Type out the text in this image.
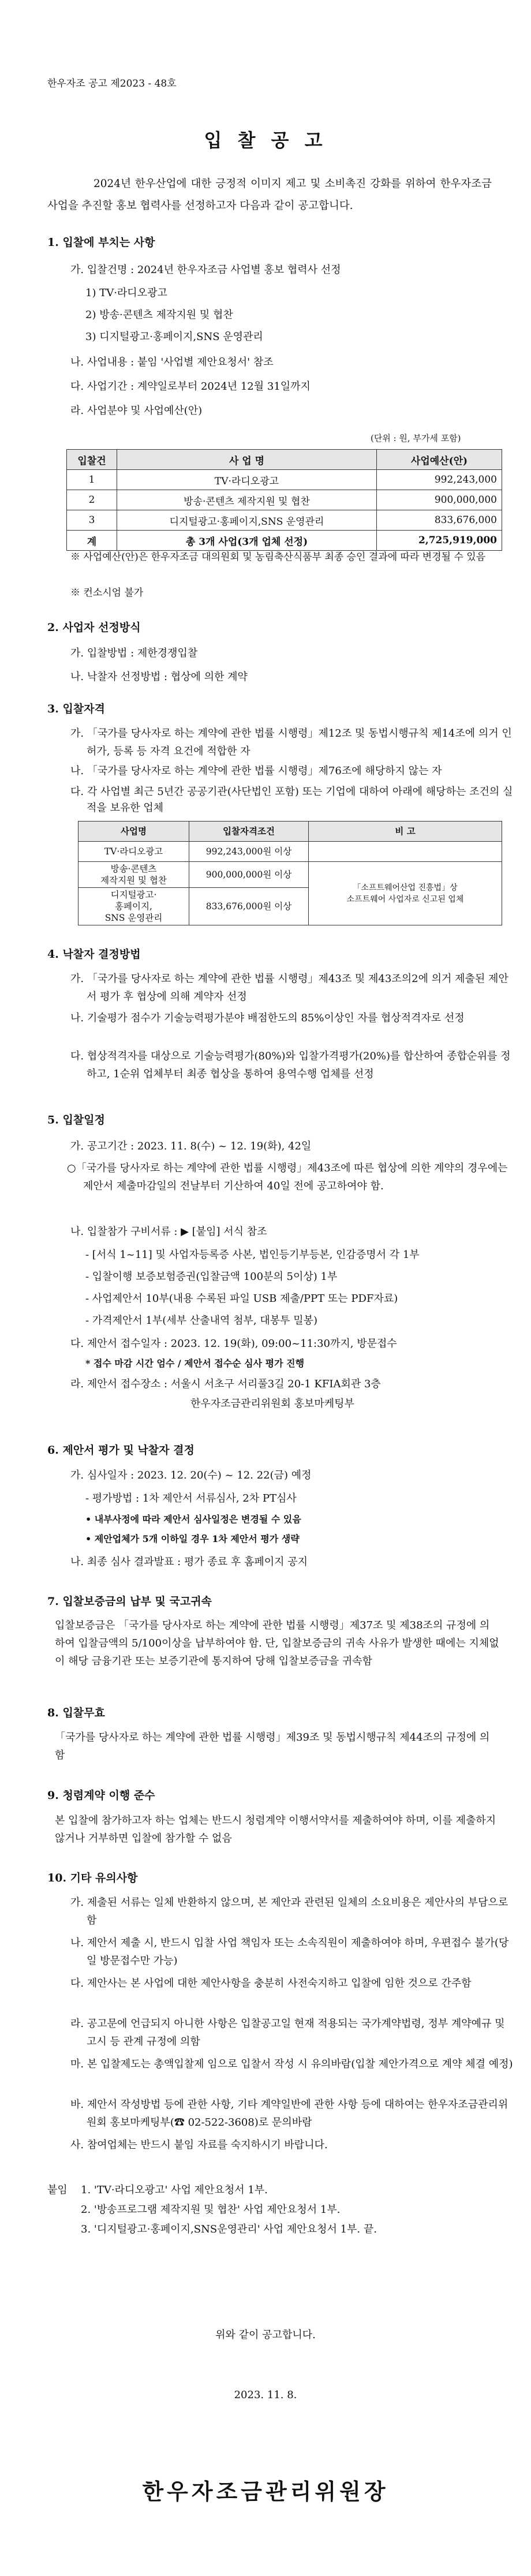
한우자조 공고 제2023 - 48호
입 찰 공 고
2024년 한우산업에 대한 긍정적 이미지 제고 및 소비촉진 강화를 위하여 한우자조금 사업을 추진할 홍보 협력사를 선정하고자 다음과 같이 공고합니다.
1. 입찰에 부치는 사항
가. 입찰건명 : 2024년 한우자조금 사업별 홍보 협력사 선정
1) TV·라디오광고
2) 방송·콘텐츠 제작지원 및 협찬
3) 디지털광고·홍페이지,SNS 운영관리
나. 사업내용 : 붙임 '사업별 제안요청서' 참조
다. 사업기간 : 계약일로부터 2024년 12월 31일까지
라. 사업분야 및 사업예산(안)
(단위 : 원, 부가세 포함)
입찰건	사 업 명	사업예산(안)
1	TV·라디오광고	992,243,000
2	방송·콘텐츠 제작지원 및 협찬	900,000,000
3	디지털광고·홍페이지,SNS 운영관리	833,676,000
계	총 3개 사업(3개 업체 선정)	2,725,919,000
※ 사업예산(안)은 한우자조금 대의원회 및 농림축산식품부 최종 승인 결과에 따라 변경될 수 있음
※ 컨소시엄 불가
2. 사업자 선정방식
가. 입찰방법 : 제한경쟁입찰
나. 낙찰자 선정방법 : 협상에 의한 계약
3. 입찰자격
가. 「국가를 당사자로 하는 계약에 관한 법률 시행령」제12조 및 동법시행규칙 제14조에 의거 인 허가, 등록 등 자격 요건에 적합한 자
나. 「국가를 당사자로 하는 계약에 관한 법률 시행령」제76조에 해당하지 않는 자
다. 각 사업별 최근 5년간 공공기관(사단법인 포함) 또는 기업에 대하여 아래에 해당하는 조건의 실적을 보유한 업체
사업명	입찰자격조건	비 고
TV·라디오광고	992,243,000원 이상	
방송·콘텐츠
제작지원 및 협찬	900,000,000원 이상	「소프트웨어산업 진흥법」상
소프트웨어 사업자로 신고된 업체
디지털광고·
홍페이지,
SNS 운영관리	833,676,000원 이상	
4. 낙찰자 결정방법
가. 「국가를 당사자로 하는 계약에 관한 법률 시행령」제43조 및 제43조의2에 의거 제출된 제안서 평가 후 협상에 의해 계약자 선정
나. 기술평가 점수가 기술능력평가분야 배점한도의 85%이상인 자를 협상적격자로 선정
다. 협상적격자를 대상으로 기술능력평가(80%)와 입찰가격평가(20%)를 합산하여 종합순위를 정하고, 1순위 업체부터 최종 협상을 통하여 용역수행 업체를 선정
5. 입찰일정
가. 공고기간 : 2023. 11. 8(수) ~ 12. 19(화), 42일
○「국가를 당사자로 하는 계약에 관한 법률 시행령」제43조에 따른 협상에 의한 계약의 경우에는 제안서 제출마감일의 전날부터 기산하여 40일 전에 공고하여야 함.
나. 입찰참가 구비서류 : ▶ [붙임] 서식 참조
- [서식 1~11] 및 사업자등록증 사본, 법인등기부등본, 인감증명서 각 1부
- 입찰이행 보증보험증권(입찰금액 100분의 5이상) 1부
- 사업제안서 10부(내용 수록된 파일 USB 제출/PPT 또는 PDF자료)
- 가격제안서 1부(세부 산출내역 첨부, 대봉투 밀봉)
다. 제안서 접수일자 : 2023. 12. 19(화), 09:00~11:30까지, 방문접수
* 접수 마감 시간 엄수 / 제안서 접수순 심사 평가 진행
라. 제안서 접수장소 : 서울시 서초구 서리풀3길 20-1 KFIA회관 3층
한우자조금관리위원회 홍보마케팅부
6. 제안서 평가 및 낙찰자 결정
가. 심사일자 : 2023. 12. 20(수) ~ 12. 22(금) 예정
- 평가방법 : 1차 제안서 서류심사, 2차 PT심사
• 내부사정에 따라 제안서 심사일정은 변경될 수 있음
• 제안업체가 5개 이하일 경우 1차 제안서 평가 생략
나. 최종 심사 결과발표 : 평가 종료 후 홈페이지 공지
7. 입찰보증금의 납부 및 국고귀속
입찰보증금은 「국가를 당사자로 하는 계약에 관한 법률 시행령」제37조 및 제38조의 규정에 의하여 입찰금액의 5/100이상을 납부하여야 함. 단, 입찰보증금의 귀속 사유가 발생한 때에는 지체없이 해당 금융기관 또는 보증기관에 통지하여 당해 입찰보증금을 귀속함
8. 입찰무효
「국가를 당사자로 하는 계약에 관한 법률 시행령」제39조 및 동법시행규칙 제44조의 규정에 의함
9. 청렴계약 이행 준수
본 입찰에 참가하고자 하는 업체는 반드시 청렴계약 이행서약서를 제출하여야 하며, 이를 제출하지 않거나 거부하면 입찰에 참가할 수 없음
10. 기타 유의사항
가. 제출된 서류는 일체 반환하지 않으며, 본 제안과 관련된 일체의 소요비용은 제안사의 부담으로 함
나. 제안서 제출 시, 반드시 입찰 사업 책임자 또는 소속직원이 제출하여야 하며, 우편접수 불가(당일 방문접수만 가능)
다. 제안사는 본 사업에 대한 제안사항을 충분히 사전숙지하고 입찰에 임한 것으로 간주함
라. 공고문에 언급되지 아니한 사항은 입찰공고일 현재 적용되는 국가계약법령, 정부 계약예규 및 고시 등 관계 규정에 의함
마. 본 입찰제도는 총액입찰제 임으로 입찰서 작성 시 유의바람(입찰 제안가격으로 계약 체결 예정)
바. 제안서 작성방법 등에 관한 사항, 기타 계약일반에 관한 사항 등에 대하여는 한우자조금관리위원회 홍보마케팅부(☎ 02-522-3608)로 문의바람
사. 참여업체는 반드시 붙임 자료를 숙지하시기 바랍니다.
붙임	1. 'TV·라디오광고' 사업 제안요청서 1부.
2. '방송프로그램 제작지원 및 협찬' 사업 제안요청서 1부.
3. '디지털광고·홍페이지,SNS운영관리' 사업 제안요청서 1부. 끝.
위와 같이 공고합니다.
2023. 11. 8.
한우자조금관리위원장
